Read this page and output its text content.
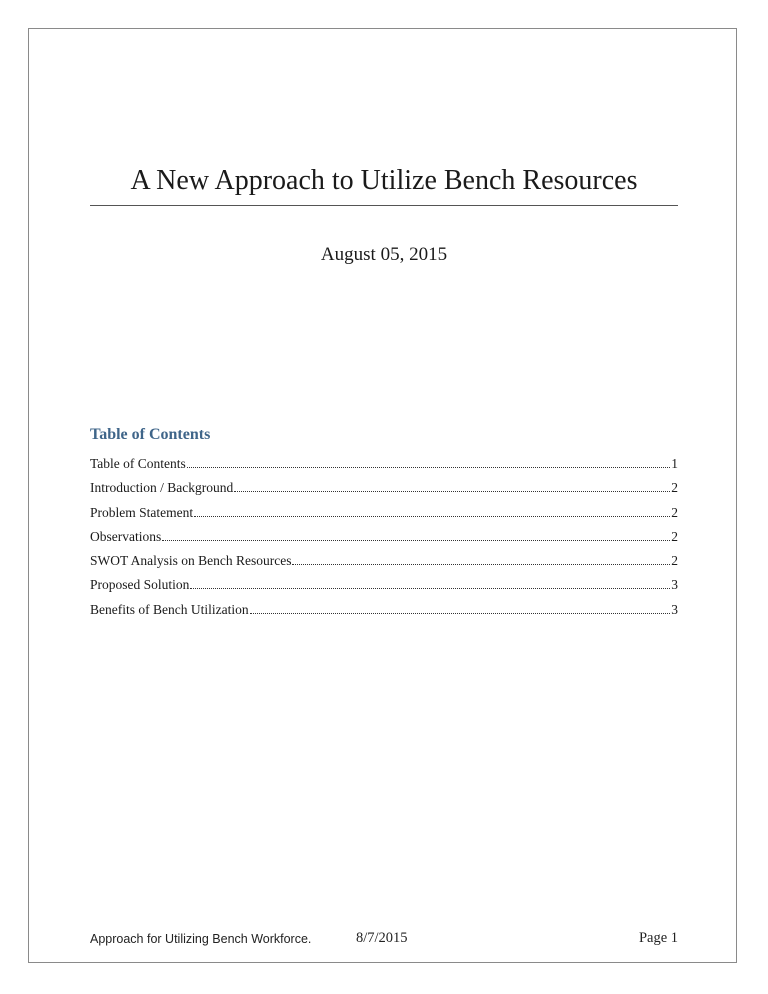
A New Approach to Utilize Bench Resources
August 05, 2015
Table of Contents
Table of Contents	1
Introduction / Background	2
Problem Statement	2
Observations	2
SWOT Analysis on Bench Resources	2
Proposed Solution	3
Benefits of Bench Utilization	3
Approach for Utilizing Bench Workforce.	8/7/2015	Page 1
